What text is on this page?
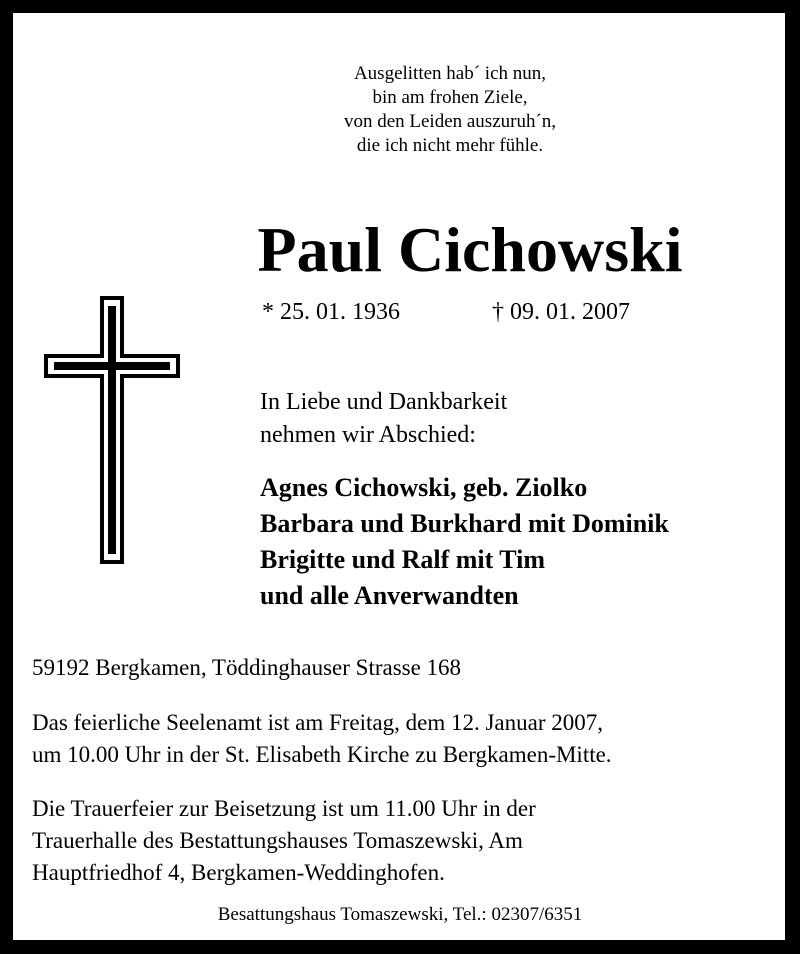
Ausgelitten hab´ ich nun,
bin am frohen Ziele,
von den Leiden auszuruh´n,
die ich nicht mehr fühle.
Paul Cichowski
* 25. 01. 1936	† 09. 01. 2007
In Liebe und Dankbarkeit
nehmen wir Abschied:
Agnes Cichowski, geb. Ziolko
Barbara und Burkhard mit Dominik
Brigitte und Ralf mit Tim
und alle Anverwandten
59192 Bergkamen, Töddinghauser Strasse 168
Das feierliche Seelenamt ist am Freitag, dem 12. Januar 2007,
um 10.00 Uhr in der St. Elisabeth Kirche zu Bergkamen-Mitte.
Die Trauerfeier zur Beisetzung ist um 11.00 Uhr in der
Trauerhalle des Bestattungshauses Tomaszewski, Am
Hauptfriedhof 4, Bergkamen-Weddinghofen.
Besattungshaus Tomaszewski, Tel.: 02307/6351
